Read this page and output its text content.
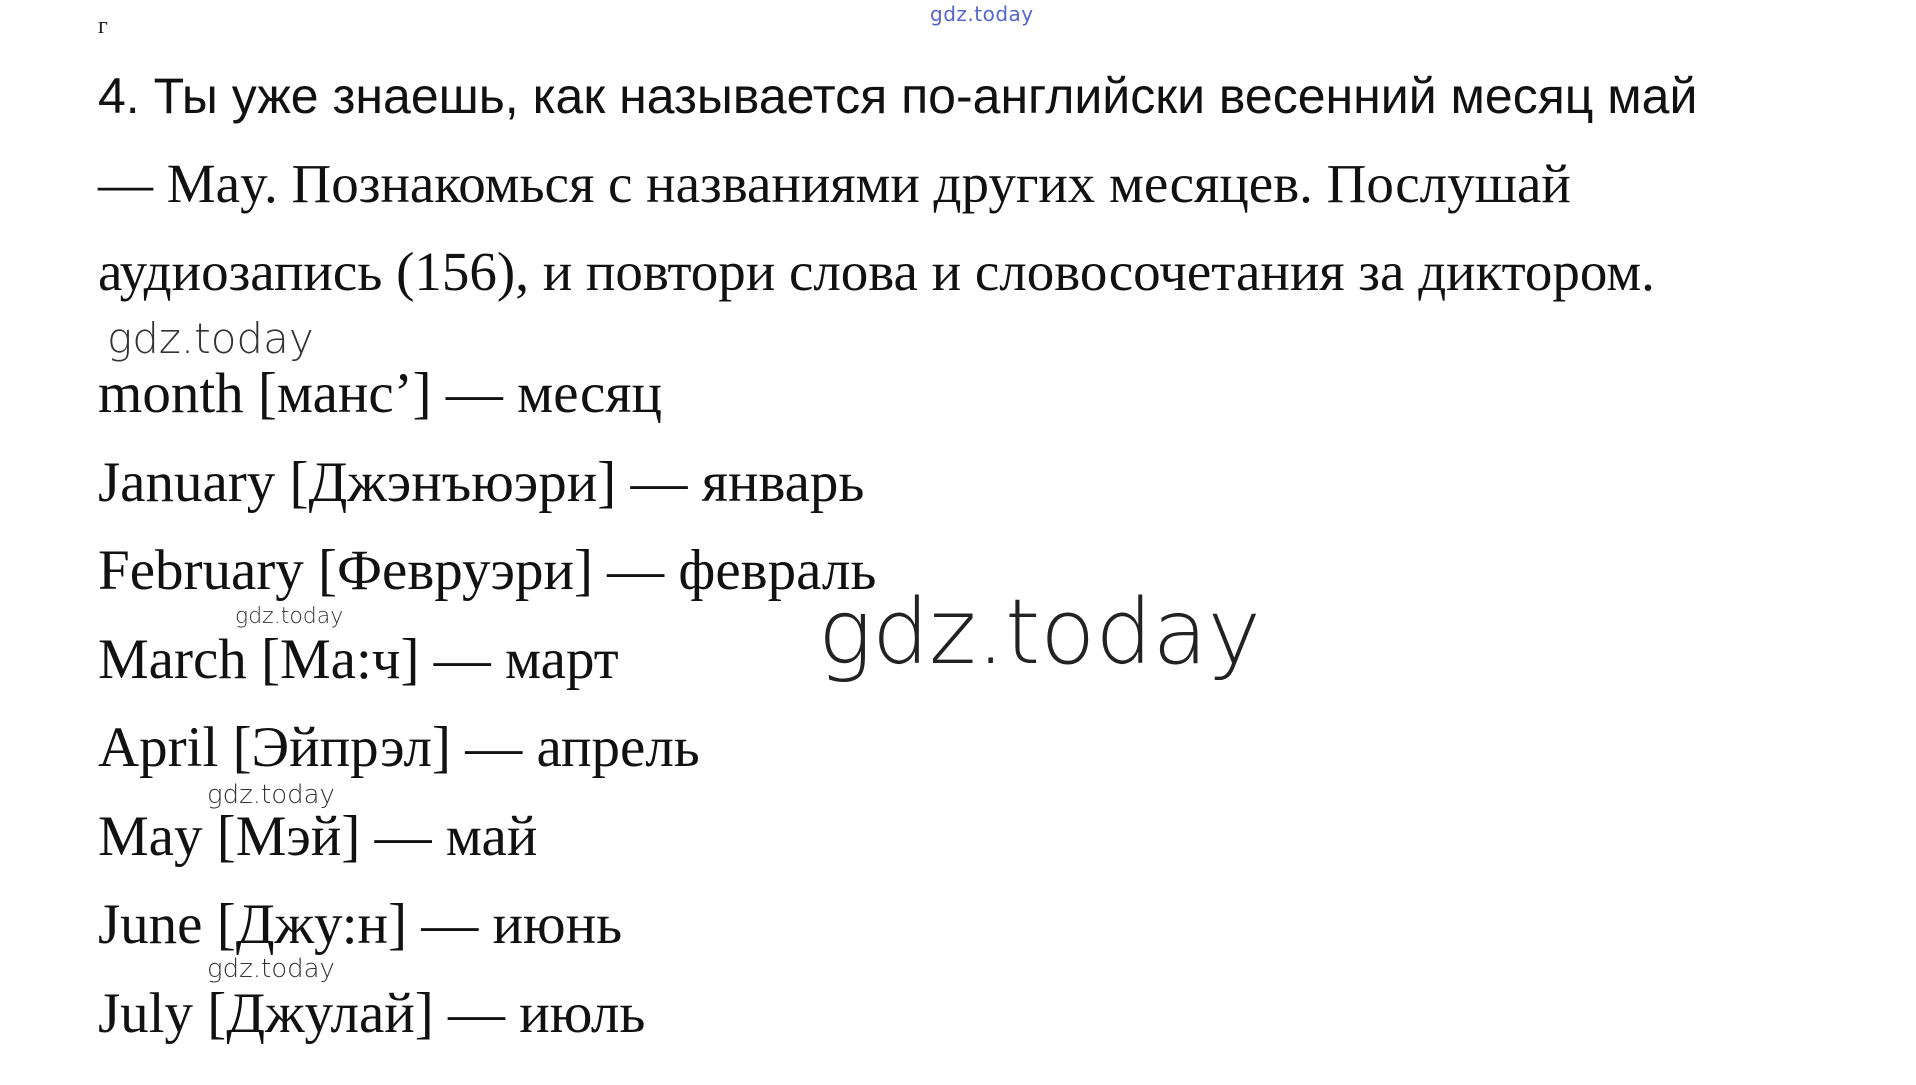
г	gdz.today
4. Ты уже знаешь, как называется по-английски весенний месяц май
— May. Познакомься с названиями других месяцев. Послушай
аудиозапись (156), и повтори слова и словосочетания за диктором.
gdz.today
month [манс’] — месяц
January [Джэнъюэри] — январь
February [Февруэри] — февраль
March [Ма:ч] — март
April [Эйпрэл] — апрель
May [Мэй] — май
June [Джу:н] — июнь
July [Джулай] — июль
gdz.today
gdz.today
gdz.today
gdz.today
